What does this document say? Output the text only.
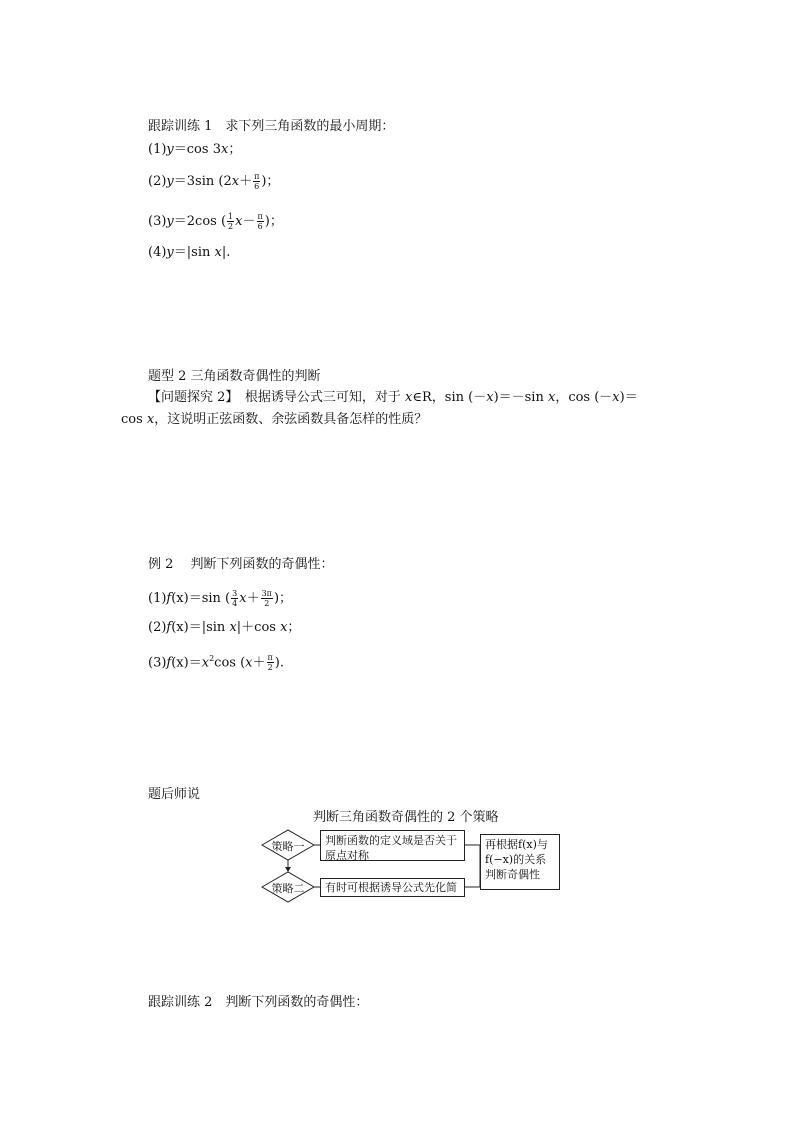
跟踪训练 1　求下列三角函数的最小周期：
(1)y＝cos 3x；
(2)y＝3sin ($2x+ \frac{\pi}{6}$ )；
(3)y＝2cos ( $\frac{1}{2} x- \frac{\pi}{6}$ )；
(4)y＝|sin x|.
题型 2 三角函数奇偶性的判断
【问题探究 2】　根据诱导公式三可知，对于 x∈R，sin (－x)＝－sin x，cos (－x)＝
cos x，这说明正弦函数、余弦函数具备怎样的性质？
例 2　 判断下列函数的奇偶性：
(1)f(x)＝sin ( $\frac{3}{4} x+ \frac{3\pi}{2}$ )；
(2)f(x)＝|sin x|＋cos x；
$(3)f(x)=x^2\cos$ ($x+ \frac{\pi}{2}$ ).
题后师说
判断三角函数奇偶性的 2 个策略
策略一
策略二
判断函数的定义域是否关于原点对称
有时可根据诱导公式先化简
再根据f(x)与f(−x)的关系判断奇偶性
跟踪训练 2　判断下列函数的奇偶性：
